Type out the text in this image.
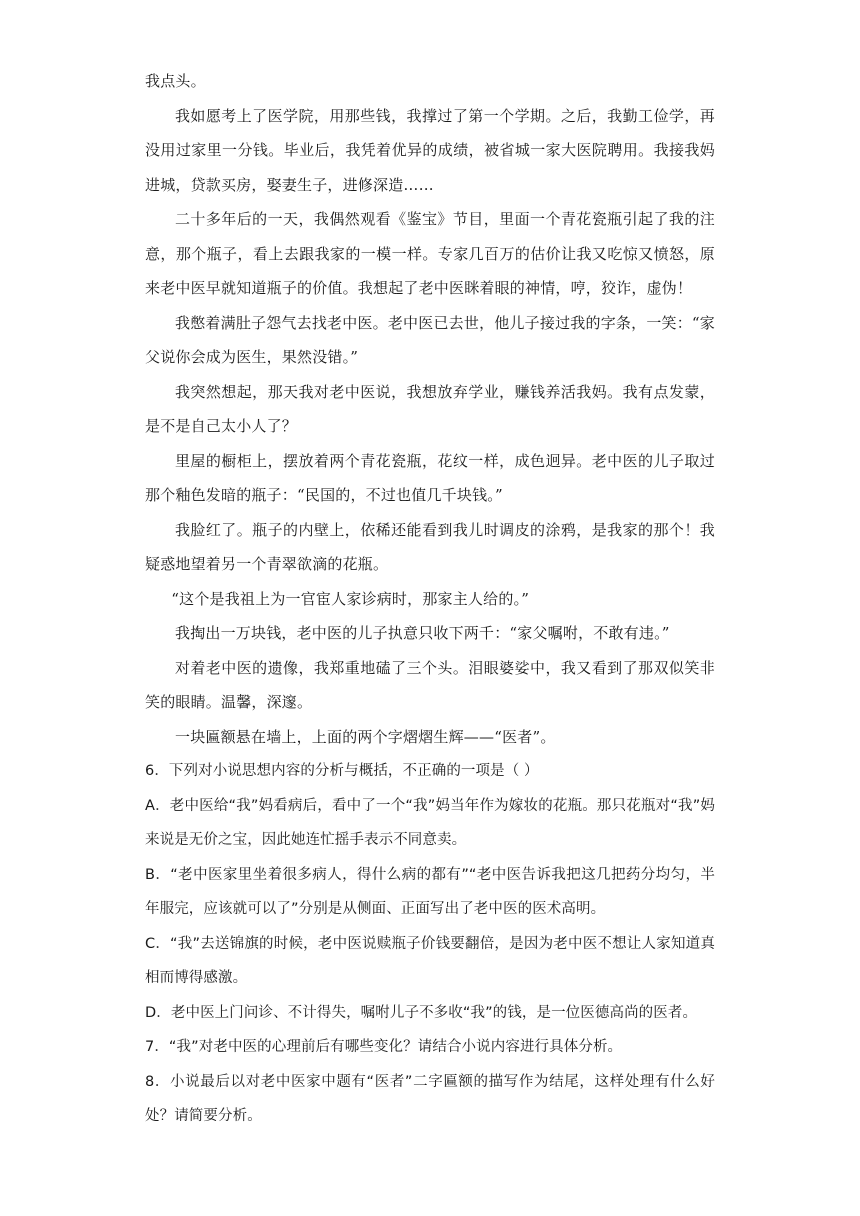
我点头。

我如愿考上了医学院，用那些钱，我撑过了第一个学期。之后，我勤工俭学，再没用过家里一分钱。毕业后，我凭着优异的成绩，被省城一家大医院聘用。我接我妈进城，贷款买房，娶妻生子，进修深造……

二十多年后的一天，我偶然观看《鉴宝》节目，里面一个青花瓷瓶引起了我的注意，那个瓶子，看上去跟我家的一模一样。专家几百万的估价让我又吃惊又愤怒，原来老中医早就知道瓶子的价值。我想起了老中医眯着眼的神情，哼，狡诈，虚伪！

我憋着满肚子怨气去找老中医。老中医已去世，他儿子接过我的字条，一笑：“家父说你会成为医生，果然没错。”

我突然想起，那天我对老中医说，我想放弃学业，赚钱养活我妈。我有点发蒙，是不是自己太小人了？

里屋的橱柜上，摆放着两个青花瓷瓶，花纹一样，成色迥异。老中医的儿子取过那个釉色发暗的瓶子：“民国的，不过也值几千块钱。”

我脸红了。瓶子的内壁上，依稀还能看到我儿时调皮的涂鸦，是我家的那个！我疑惑地望着另一个青翠欲滴的花瓶。

“这个是我祖上为一官宦人家诊病时，那家主人给的。”

我掏出一万块钱，老中医的儿子执意只收下两千：“家父嘱咐，不敢有违。”

对着老中医的遗像，我郑重地磕了三个头。泪眼婆娑中，我又看到了那双似笑非笑的眼睛。温馨，深邃。

一块匾额悬在墙上，上面的两个字熠熠生辉——“医者”。

6．下列对小说思想内容的分析与概括，不正确的一项是（ ）

A．老中医给“我”妈看病后，看中了一个“我”妈当年作为嫁妆的花瓶。那只花瓶对“我”妈来说是无价之宝，因此她连忙摇手表示不同意卖。

B．“老中医家里坐着很多病人，得什么病的都有”“老中医告诉我把这几把药分均匀，半年服完，应该就可以了”分别是从侧面、正面写出了老中医的医术高明。

C．“我”去送锦旗的时候，老中医说赎瓶子价钱要翻倍，是因为老中医不想让人家知道真相而博得感激。

D．老中医上门问诊、不计得失，嘱咐儿子不多收“我”的钱，是一位医德高尚的医者。

7．“我”对老中医的心理前后有哪些变化？请结合小说内容进行具体分析。

8．小说最后以对老中医家中题有“医者”二字匾额的描写作为结尾，这样处理有什么好处？请简要分析。
